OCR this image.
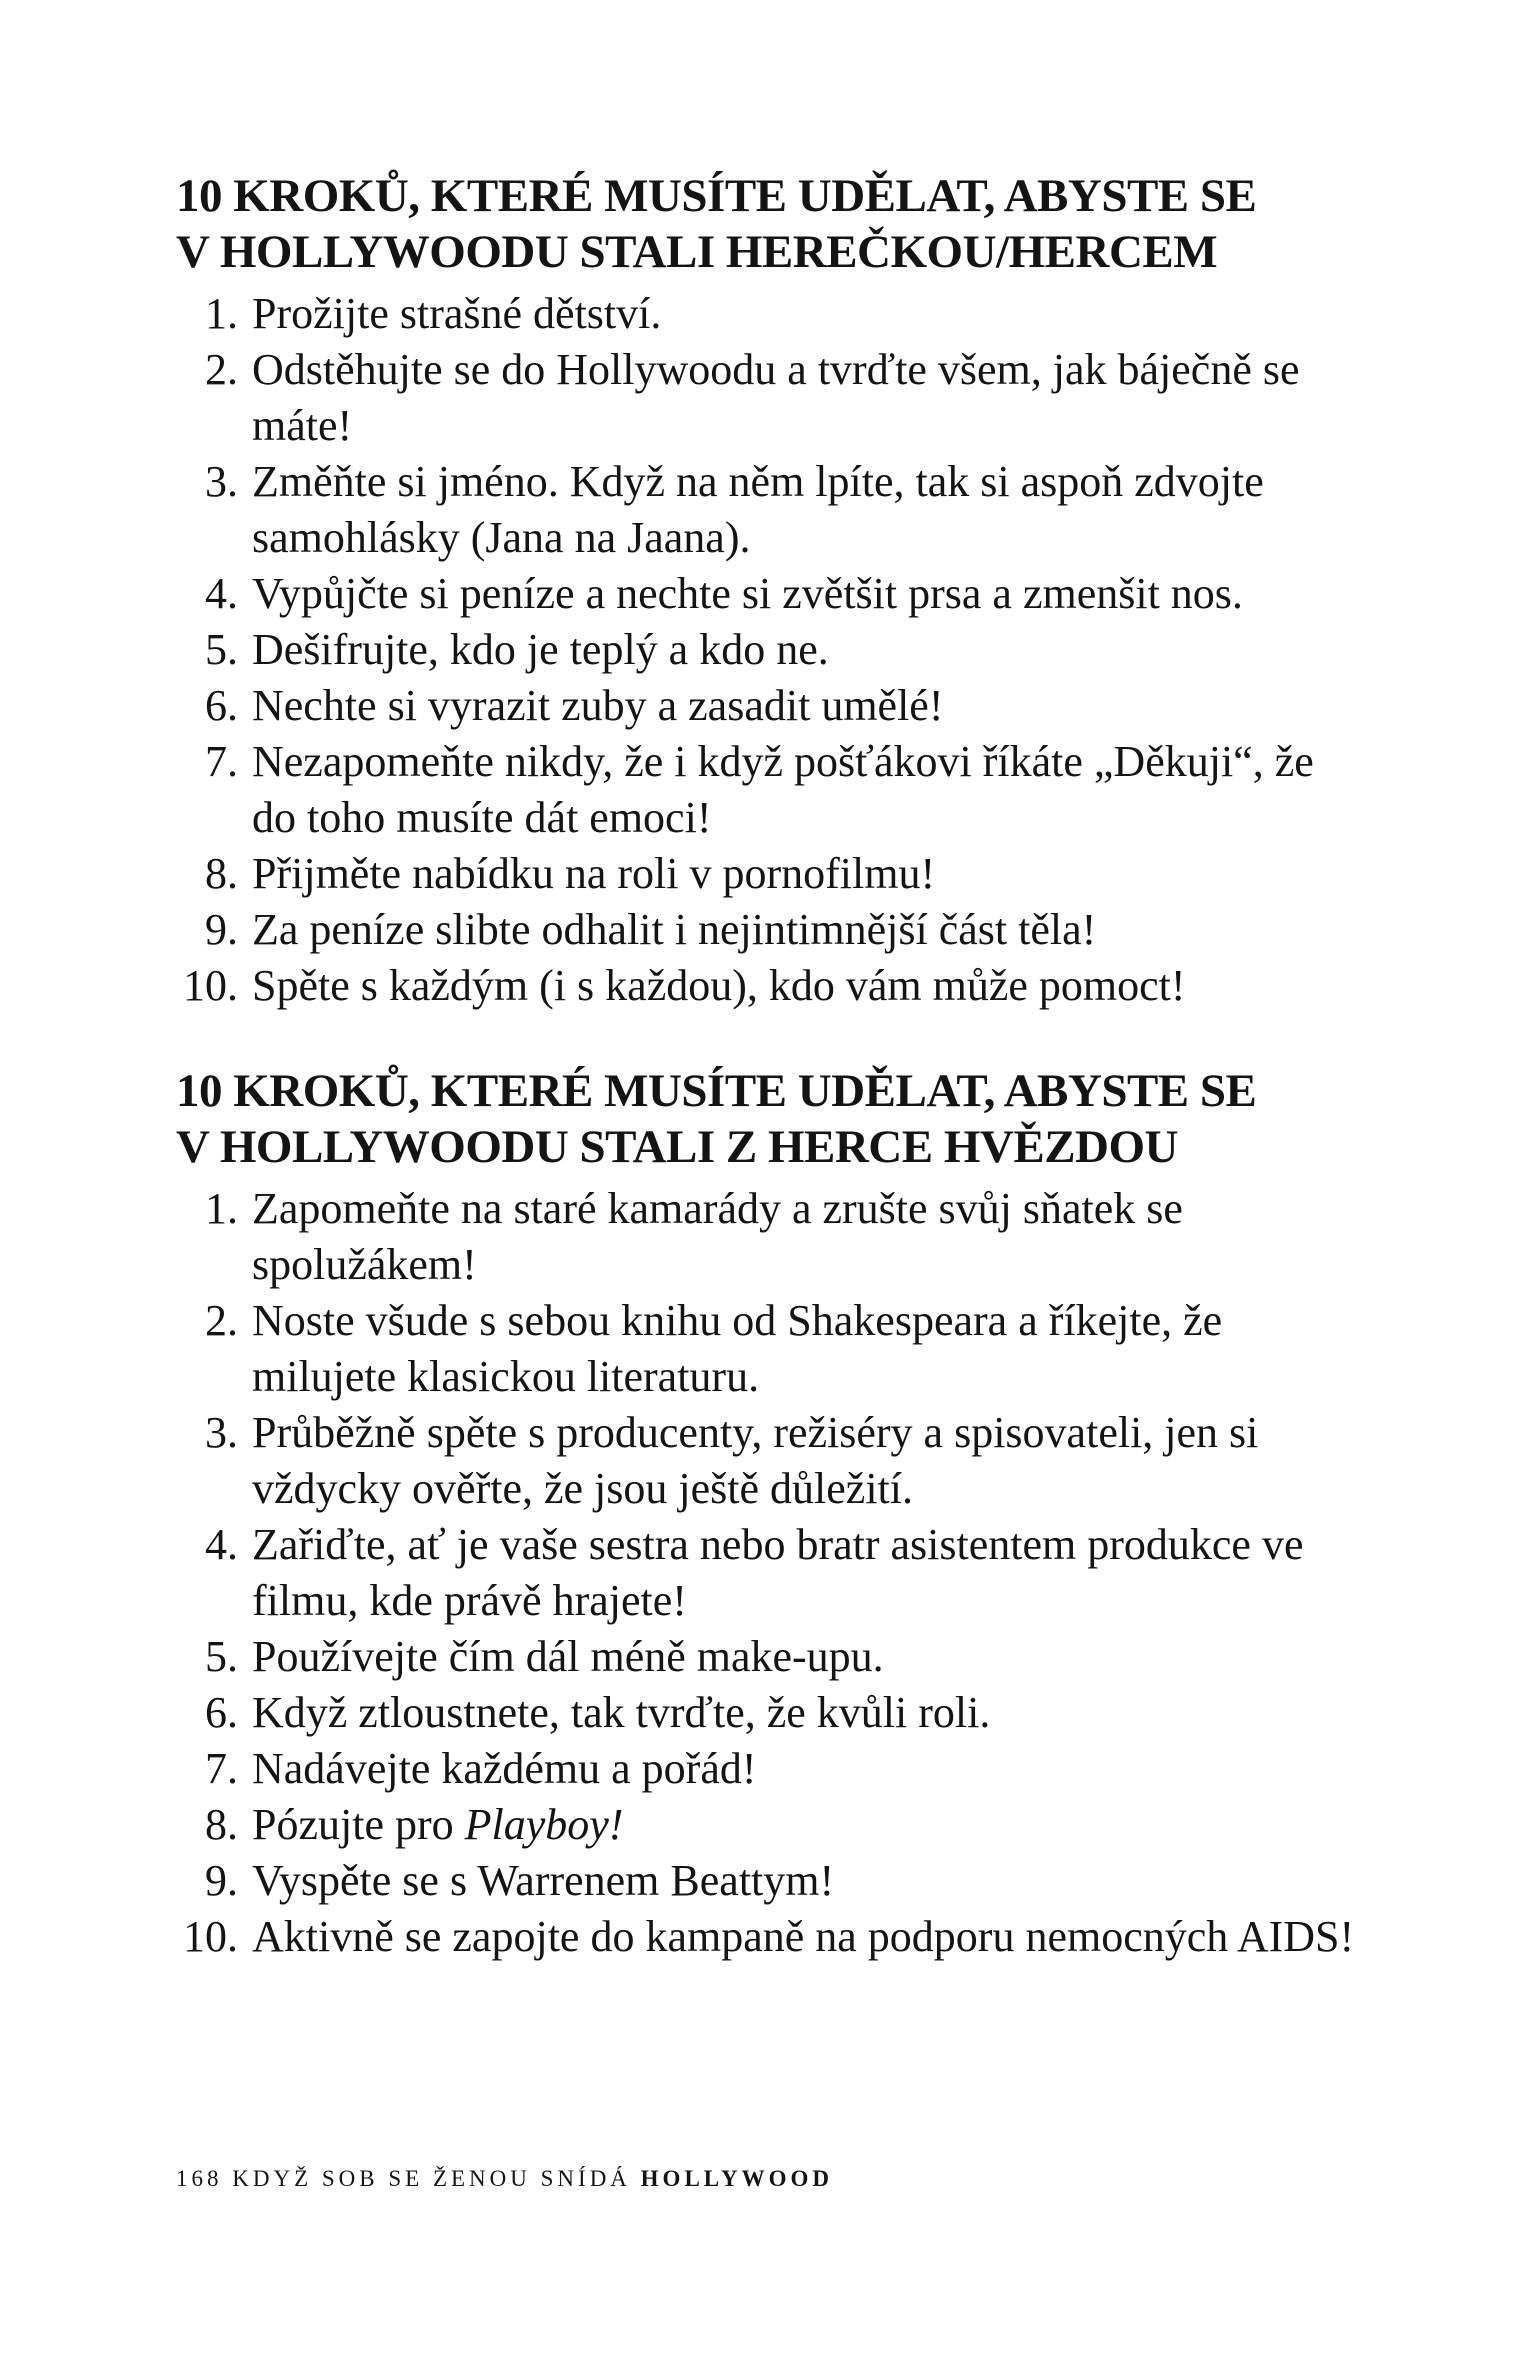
10 KROKŮ, KTERÉ MUSÍTE UDĚLAT, ABYSTE SE
V HOLLYWOODU STALI HEREČKOU/HERCEM
1. Prožijte strašné dětství.
2. Odstěhujte se do Hollywoodu a tvrďte všem, jak báječně se máte!
3. Změňte si jméno. Když na něm lpíte, tak si aspoň zdvojte samohlásky (Jana na Jaana).
4. Vypůjčte si peníze a nechte si zvětšit prsa a zmenšit nos.
5. Dešifrujte, kdo je teplý a kdo ne.
6. Nechte si vyrazit zuby a zasadit umělé!
7. Nezapomeňte nikdy, že i když pošťákovi říkáte „Děkuji“, že do toho musíte dát emoci!
8. Přijměte nabídku na roli v pornofilmu!
9. Za peníze slibte odhalit i nejintimnější část těla!
10. Spěte s každým (i s každou), kdo vám může pomoct!
10 KROKŮ, KTERÉ MUSÍTE UDĚLAT, ABYSTE SE
V HOLLYWOODU STALI Z HERCE HVĚZDOU
1. Zapomeňte na staré kamarády a zrušte svůj sňatek se spolužákem!
2. Noste všude s sebou knihu od Shakespeara a říkejte, že milujete klasickou literaturu.
3. Průběžně spěte s producenty, režiséry a spisovateli, jen si vždycky ověřte, že jsou ještě důležití.
4. Zařiďte, ať je vaše sestra nebo bratr asistentem produkce ve filmu, kde právě hrajete!
5. Používejte čím dál méně make-upu.
6. Když ztloustnete, tak tvrďte, že kvůli roli.
7. Nadávejte každému a pořád!
8. Pózujte pro Playboy!
9. Vyspěte se s Warrenem Beattym!
10. Aktivně se zapojte do kampaně na podporu nemocných AIDS!
168 KDYŽ SOB SE ŽENOU SNÍDÁ HOLLYWOOD
